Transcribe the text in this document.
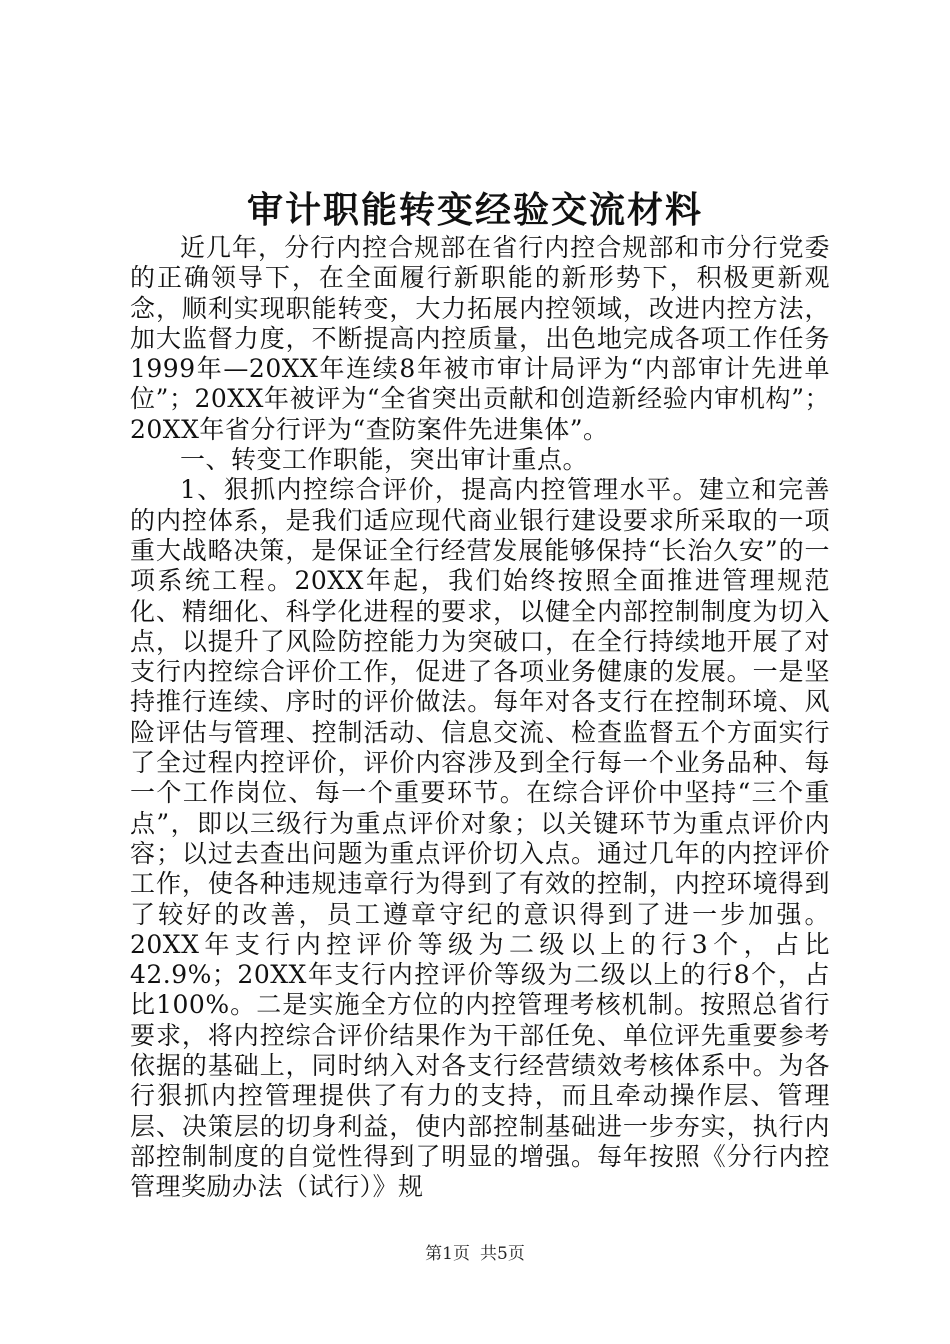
审计职能转变经验交流材料

近几年，分行内控合规部在省行内控合规部和市分行党委的正确领导下，在全面履行新职能的新形势下，积极更新观念，顺利实现职能转变，大力拓展内控领域，改进内控方法，加大监督力度，不断提高内控质量，出色地完成各项工作任务1999年—20XX年连续8年被市审计局评为“内部审计先进单位”；20XX年被评为“全省突出贡献和创造新经验内审机构”；20XX年省分行评为“查防案件先进集体”。

一、转变工作职能，突出审计重点。

1、狠抓内控综合评价，提高内控管理水平。建立和完善的内控体系，是我们适应现代商业银行建设要求所采取的一项重大战略决策，是保证全行经营发展能够保持“长治久安”的一项系统工程。20XX年起，我们始终按照全面推进管理规范化、精细化、科学化进程的要求，以健全内部控制制度为切入点，以提升了风险防控能力为突破口，在全行持续地开展了对支行内控综合评价工作，促进了各项业务健康的发展。一是坚持推行连续、序时的评价做法。每年对各支行在控制环境、风险评估与管理、控制活动、信息交流、检查监督五个方面实行了全过程内控评价，评价内容涉及到全行每一个业务品种、每一个工作岗位、每一个重要环节。在综合评价中坚持“三个重点”，即以三级行为重点评价对象；以关键环节为重点评价内容；以过去查出问题为重点评价切入点。通过几年的内控评价工作，使各种违规违章行为得到了有效的控制，内控环境得到了较好的改善，员工遵章守纪的意识得到了进一步加强。20XX年支行内控评价等级为二级以上的行3个，占比42.9%；20XX年支行内控评价等级为二级以上的行8个，占比100%。二是实施全方位的内控管理考核机制。按照总省行要求，将内控综合评价结果作为干部任免、单位评先重要参考依据的基础上，同时纳入对各支行经营绩效考核体系中。为各行狠抓内控管理提供了有力的支持，而且牵动操作层、管理层、决策层的切身利益，使内部控制基础进一步夯实，执行内部控制制度的自觉性得到了明显的增强。每年按照《分行内控管理奖励办法（试行）》规

第1页 共5页
